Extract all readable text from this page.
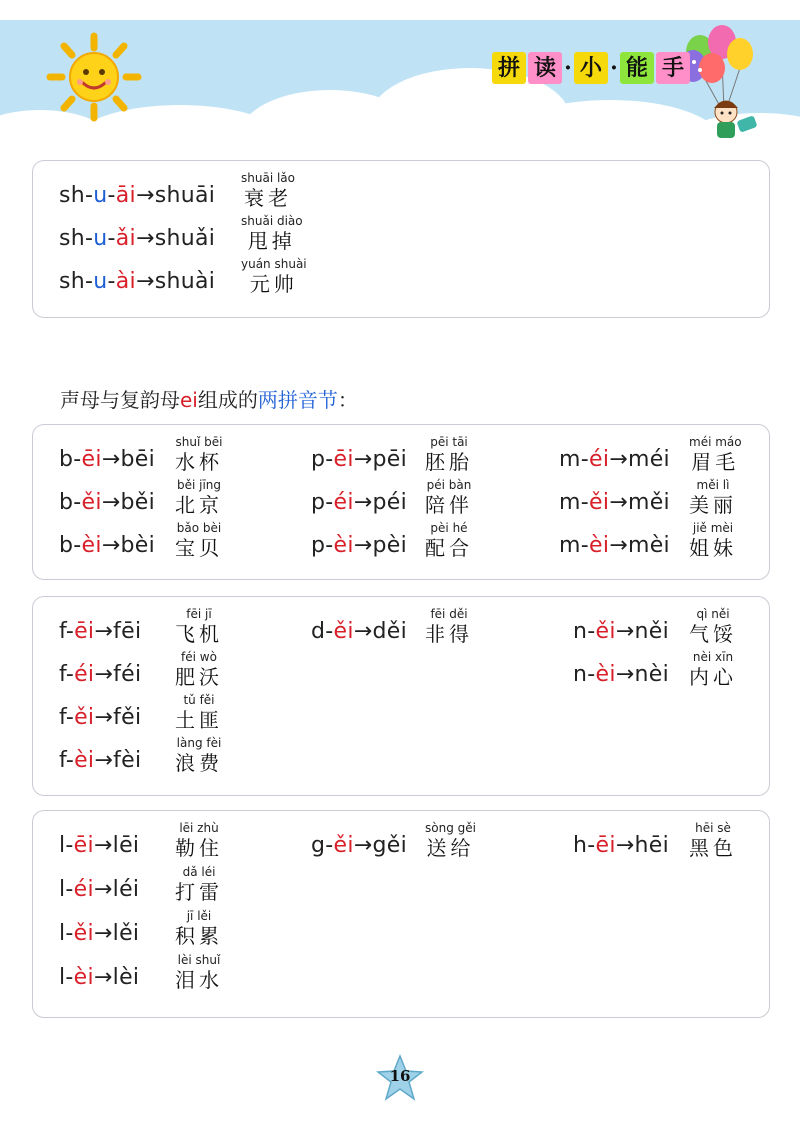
拼 读 · 小 · 能 手
sh-u-āi→shuāi
shuāi lǎo
衰老
sh-u-ǎi→shuǎi
shuǎi diào
甩掉
sh-u-ài→shuài
yuán shuài
元帅
声母与复韵母ei组成的两拼音节：
b-ēi→bēi
shuǐ bēi
水杯
b-ěi→běi
běi jīng
北京
b-èi→bèi
bǎo bèi
宝贝
p-ēi→pēi
pēi tāi
胚胎
p-éi→péi
péi bàn
陪伴
p-èi→pèi
pèi hé
配合
m-éi→méi
méi máo
眉毛
m-ěi→měi
měi lì
美丽
m-èi→mèi
jiě mèi
姐妹
f-ēi→fēi
fēi jī
飞机
f-éi→féi
féi wò
肥沃
f-ěi→fěi
tǔ fěi
土匪
f-èi→fèi
làng fèi
浪费
d-ěi→děi
fēi děi
非得	n-ěi→něi
qì něi
气馁
n-èi→nèi
nèi xīn
内心
l-ēi→lēi
lēi zhù
勒住
l-éi→léi
dǎ léi
打雷
l-ěi→lěi
jī lěi
积累
l-èi→lèi
lèi shuǐ
泪水
g-ěi→gěi
sòng gěi
送给	h-ēi→hēi
hēi sè
黑色
16
